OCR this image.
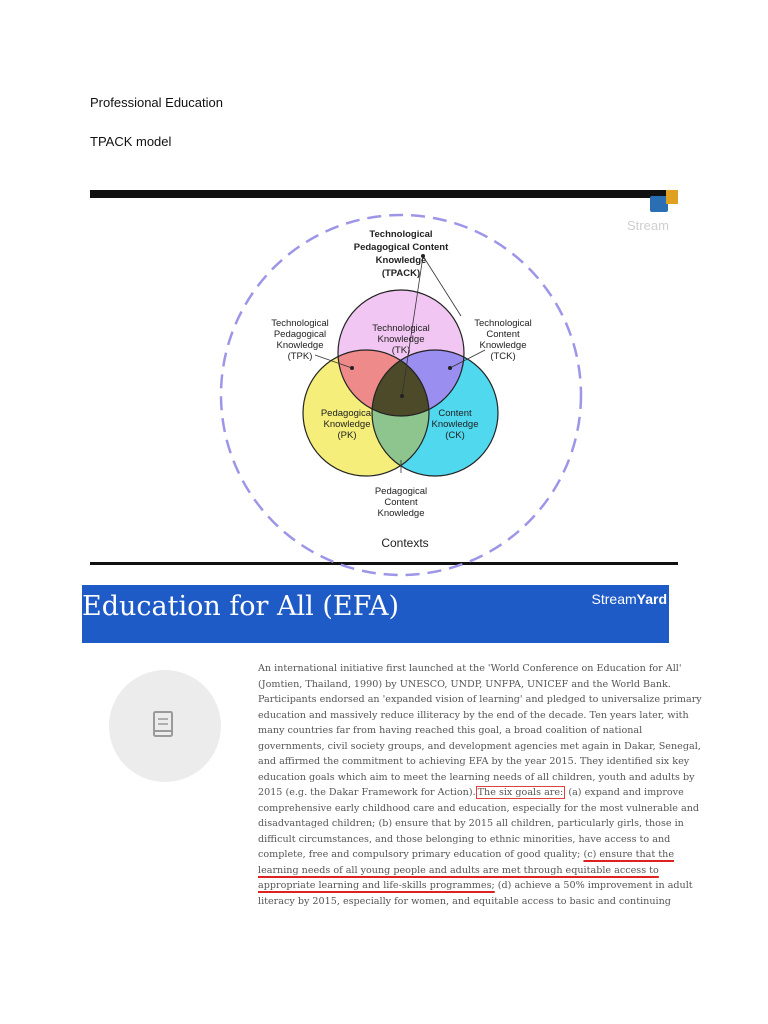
Professional Education
TPACK model
Stream
Technological
Pedagogical Content
Knowledge
(TPACK)
Technological
Knowledge
(TK)
Pedagogical
Knowledge
(PK)
Content
Knowledge
(CK)
Technological
Pedagogical
Knowledge
(TPK)
Technological
Content
Knowledge
(TCK)
Pedagogical
Content
Knowledge
Contexts
Education for All (EFA)	StreamYard
An international initiative first launched at the 'World Conference on Education for All'
(Jomtien, Thailand, 1990) by UNESCO, UNDP, UNFPA, UNICEF and the World Bank.
Participants endorsed an 'expanded vision of learning' and pledged to universalize primary
education and massively reduce illiteracy by the end of the decade. Ten years later, with
many countries far from having reached this goal, a broad coalition of national
governments, civil society groups, and development agencies met again in Dakar, Senegal,
and affirmed the commitment to achieving EFA by the year 2015. They identified six key
education goals which aim to meet the learning needs of all children, youth and adults by
2015 (e.g. the Dakar Framework for Action). The six goals are: (a) expand and improve
comprehensive early childhood care and education, especially for the most vulnerable and
disadvantaged children; (b) ensure that by 2015 all children, particularly girls, those in
difficult circumstances, and those belonging to ethnic minorities, have access to and
complete, free and compulsory primary education of good quality; (c) ensure that the
learning needs of all young people and adults are met through equitable access to
appropriate learning and life-skills programmes; (d) achieve a 50% improvement in adult
literacy by 2015, especially for women, and equitable access to basic and continuing
